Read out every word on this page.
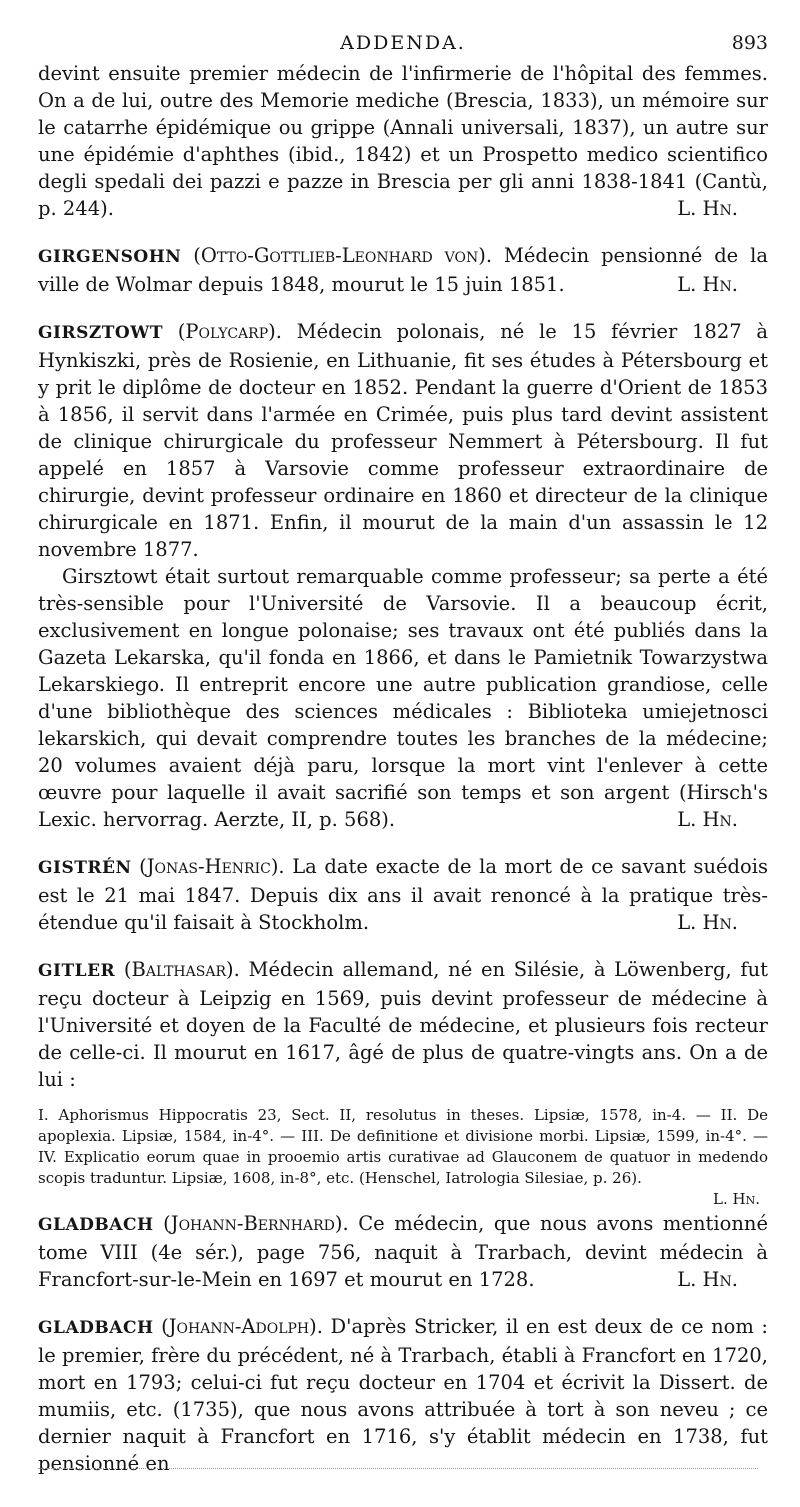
ADDENDA.	893

devint ensuite premier médecin de l'infirmerie de l'hôpital des femmes. On a de lui, outre des Memorie mediche (Brescia, 1833), un mémoire sur le catarrhe épidémique ou grippe (Annali universali, 1837), un autre sur une épidémie d'aphthes (ibid., 1842) et un Prospetto medico scientifico degli spedali dei pazzi e pazze in Brescia per gli anni 1838-1841 (Cantù, p. 244).	L. Hn.

GIRGENSOHN (Otto-Gottlieb-Leonhard von). Médecin pensionné de la ville de Wolmar depuis 1848, mourut le 15 juin 1851.	L. Hn.

GIRSZTOWT (Polycarp). Médecin polonais, né le 15 février 1827 à Hynkiszki, près de Rosienie, en Lithuanie, fit ses études à Pétersbourg et y prit le diplôme de docteur en 1852. Pendant la guerre d'Orient de 1853 à 1856, il servit dans l'armée en Crimée, puis plus tard devint assistent de clinique chirurgicale du professeur Nemmert à Pétersbourg. Il fut appelé en 1857 à Varsovie comme professeur extraordinaire de chirurgie, devint professeur ordinaire en 1860 et directeur de la clinique chirurgicale en 1871. Enfin, il mourut de la main d'un assassin le 12 novembre 1877.

Girsztowt était surtout remarquable comme professeur; sa perte a été très-sensible pour l'Université de Varsovie. Il a beaucoup écrit, exclusivement en longue polonaise; ses travaux ont été publiés dans la Gazeta Lekarska, qu'il fonda en 1866, et dans le Pamietnik Towarzystwa Lekarskiego. Il entreprit encore une autre publication grandiose, celle d'une bibliothèque des sciences médicales : Biblioteka umiejetnosci lekarskich, qui devait comprendre toutes les branches de la médecine; 20 volumes avaient déjà paru, lorsque la mort vint l'enlever à cette œuvre pour laquelle il avait sacrifié son temps et son argent (Hirsch's Lexic. hervorrag. Aerzte, II, p. 568).	L. Hn.

GISTRÉN (Jonas-Henric). La date exacte de la mort de ce savant suédois est le 21 mai 1847. Depuis dix ans il avait renoncé à la pratique très-étendue qu'il faisait à Stockholm.	L. Hn.

GITLER (Balthasar). Médecin allemand, né en Silésie, à Löwenberg, fut reçu docteur à Leipzig en 1569, puis devint professeur de médecine à l'Université et doyen de la Faculté de médecine, et plusieurs fois recteur de celle-ci. Il mourut en 1617, âgé de plus de quatre-vingts ans. On a de lui :

I. Aphorismus Hippocratis 23, Sect. II, resolutus in theses. Lipsiæ, 1578, in-4. — II. De apoplexia. Lipsiæ, 1584, in-4°. — III. De definitione et divisione morbi. Lipsiæ, 1599, in-4°. — IV. Explicatio eorum quae in prooemio artis curativae ad Glauconem de quatuor in medendo scopis traduntur. Lipsiæ, 1608, in-8°, etc. (Henschel, Iatrologia Silesiae, p. 26).

L. Hn.

GLADBACH (Johann-Bernhard). Ce médecin, que nous avons mentionné tome VIII (4e sér.), page 756, naquit à Trarbach, devint médecin à Francfort-sur-le-Mein en 1697 et mourut en 1728.	L. Hn.

GLADBACH (Johann-Adolph). D'après Stricker, il en est deux de ce nom : le premier, frère du précédent, né à Trarbach, établi à Francfort en 1720, mort en 1793; celui-ci fut reçu docteur en 1704 et écrivit la Dissert. de mumiis, etc. (1735), que nous avons attribuée à tort à son neveu ; ce dernier naquit à Francfort en 1716, s'y établit médecin en 1738, fut pensionné en
